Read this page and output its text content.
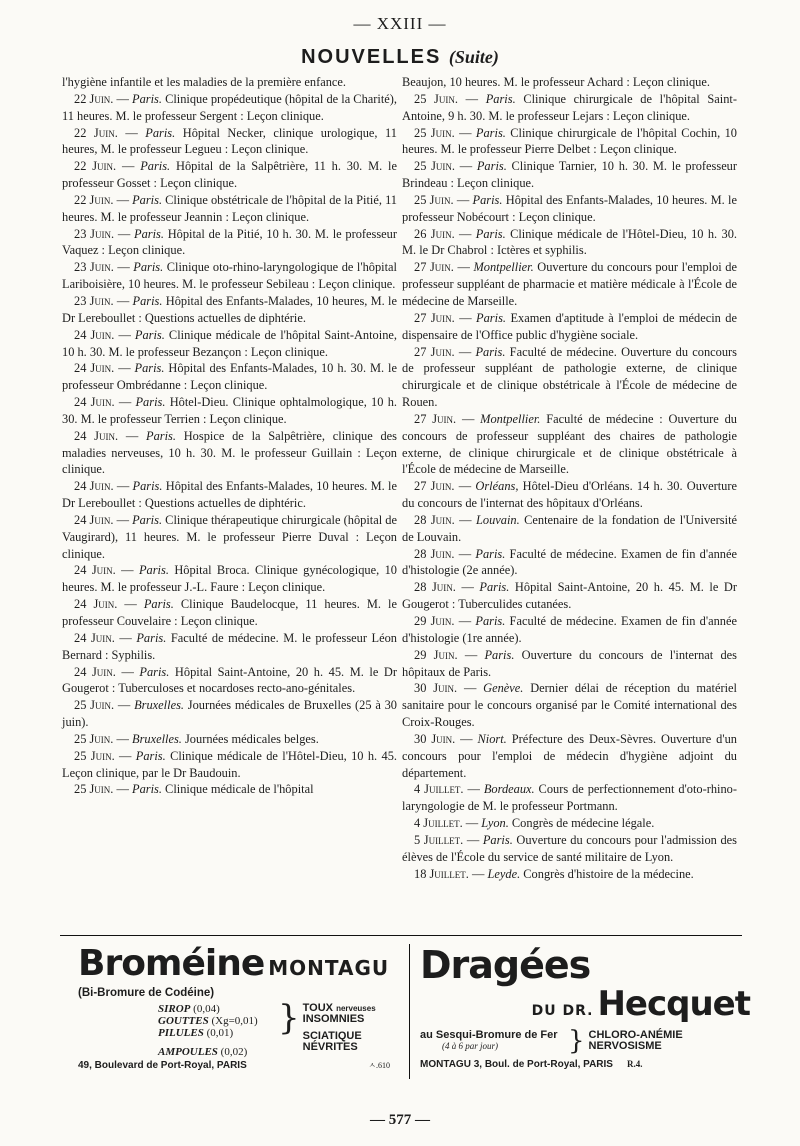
— XXIII —
NOUVELLES (Suite)

l'hygiène infantile et les maladies de la première enfance.

22 Juin. — Paris. Clinique propédeutique (hôpital de la Charité), 11 heures. M. le professeur Sergent : Leçon clinique.

22 Juin. — Paris. Hôpital Necker, clinique urologique, 11 heures, M. le professeur Legueu : Leçon clinique.

22 Juin. — Paris. Hôpital de la Salpêtrière, 11 h. 30. M. le professeur Gosset : Leçon clinique.

22 Juin. — Paris. Clinique obstétricale de l'hôpital de la Pitié, 11 heures. M. le professeur Jeannin : Leçon clinique.

23 Juin. — Paris. Hôpital de la Pitié, 10 h. 30. M. le professeur Vaquez : Leçon clinique.

23 Juin. — Paris. Clinique oto-rhino-laryngologique de l'hôpital Lariboisière, 10 heures. M. le professeur Sebileau : Leçon clinique.

23 Juin. — Paris. Hôpital des Enfants-Malades, 10 heures, M. le Dr Lereboullet : Questions actuelles de diphtérie.

24 Juin. — Paris. Clinique médicale de l'hôpital Saint-Antoine, 10 h. 30. M. le professeur Bezançon : Leçon clinique.

24 Juin. — Paris. Hôpital des Enfants-Malades, 10 h. 30. M. le professeur Ombrédanne : Leçon clinique.

24 Juin. — Paris. Hôtel-Dieu. Clinique ophtalmologique, 10 h. 30. M. le professeur Terrien : Leçon clinique.

24 Juin. — Paris. Hospice de la Salpêtrière, clinique des maladies nerveuses, 10 h. 30. M. le professeur Guillain : Leçon clinique.

24 Juin. — Paris. Hôpital des Enfants-Malades, 10 heures. M. le Dr Lereboullet : Questions actuelles de diphtéric.

24 Juin. — Paris. Clinique thérapeutique chirurgicale (hôpital de Vaugirard), 11 heures. M. le professeur Pierre Duval : Leçon clinique.

24 Juin. — Paris. Hôpital Broca. Clinique gynécologique, 10 heures. M. le professeur J.-L. Faure : Leçon clinique.

24 Juin. — Paris. Clinique Baudelocque, 11 heures. M. le professeur Couvelaire : Leçon clinique.

24 Juin. — Paris. Faculté de médecine. M. le professeur Léon Bernard : Syphilis.

24 Juin. — Paris. Hôpital Saint-Antoine, 20 h. 45. M. le Dr Gougerot : Tuberculoses et nocardoses recto-ano-génitales.

25 Juin. — Bruxelles. Journées médicales de Bruxelles (25 à 30 juin).

25 Juin. — Bruxelles. Journées médicales belges.

25 Juin. — Paris. Clinique médicale de l'Hôtel-Dieu, 10 h. 45. Leçon clinique, par le Dr Baudouin.

25 Juin. — Paris. Clinique médicale de l'hôpital

Beaujon, 10 heures. M. le professeur Achard : Leçon clinique.

25 Juin. — Paris. Clinique chirurgicale de l'hôpital Saint-Antoine, 9 h. 30. M. le professeur Lejars : Leçon clinique.

25 Juin. — Paris. Clinique chirurgicale de l'hôpital Cochin, 10 heures. M. le professeur Pierre Delbet : Leçon clinique.

25 Juin. — Paris. Clinique Tarnier, 10 h. 30. M. le professeur Brindeau : Leçon clinique.

25 Juin. — Paris. Hôpital des Enfants-Malades, 10 heures. M. le professeur Nobécourt : Leçon clinique.

26 Juin. — Paris. Clinique médicale de l'Hôtel-Dieu, 10 h. 30. M. le Dr Chabrol : Ictères et syphilis.

27 Juin. — Montpellier. Ouverture du concours pour l'emploi de professeur suppléant de pharmacie et matière médicale à l'École de médecine de Marseille.

27 Juin. — Paris. Examen d'aptitude à l'emploi de médecin de dispensaire de l'Office public d'hygiène sociale.

27 Juin. — Paris. Faculté de médecine. Ouverture du concours de professeur suppléant de pathologie externe, de clinique chirurgicale et de clinique obstétricale à l'École de médecine de Rouen.

27 Juin. — Montpellier. Faculté de médecine : Ouverture du concours de professeur suppléant des chaires de pathologie externe, de clinique chirurgicale et de clinique obstétricale à l'École de médecine de Marseille.

27 Juin. — Orléans, Hôtel-Dieu d'Orléans. 14 h. 30. Ouverture du concours de l'internat des hôpitaux d'Orléans.

28 Juin. — Louvain. Centenaire de la fondation de l'Université de Louvain.

28 Juin. — Paris. Faculté de médecine. Examen de fin d'année d'histologie (2e année).

28 Juin. — Paris. Hôpital Saint-Antoine, 20 h. 45. M. le Dr Gougerot : Tuberculides cutanées.

29 Juin. — Paris. Faculté de médecine. Examen de fin d'année d'histologie (1re année).

29 Juin. — Paris. Ouverture du concours de l'internat des hôpitaux de Paris.

30 Juin. — Genève. Dernier délai de réception du matériel sanitaire pour le concours organisé par le Comité international des Croix-Rouges.

30 Juin. — Niort. Préfecture des Deux-Sèvres. Ouverture d'un concours pour l'emploi de médecin d'hygiène adjoint du département.

4 Juillet. — Bordeaux. Cours de perfectionnement d'oto-rhino-laryngologie de M. le professeur Portmann.

4 Juillet. — Lyon. Congrès de médecine légale.

5 Juillet. — Paris. Ouverture du concours pour l'admission des élèves de l'École du service de santé militaire de Lyon.

18 Juillet. — Leyde. Congrès d'histoire de la médecine.

Broméine MONTAGU
(Bi-Bromure de Codéine)
SIROP (0,04)
GOUTTES (Xg=0,01)
PILULES (0,01)
AMPOULES (0,02)
} TOUX nerveuses
INSOMNIES
SCIATIQUE
NÉVRITES
49, Boulevard de Port-Royal, PARIS	ㅅ.610
Dragées
DU DR. Hecquet
au Sesqui-Bromure de Fer
(4 à 6 par jour)	} CHLORO-ANÉMIE
NERVOSISME
MONTAGU 3, Boul. de Port-Royal, PARIS R.4.
— 577 —
